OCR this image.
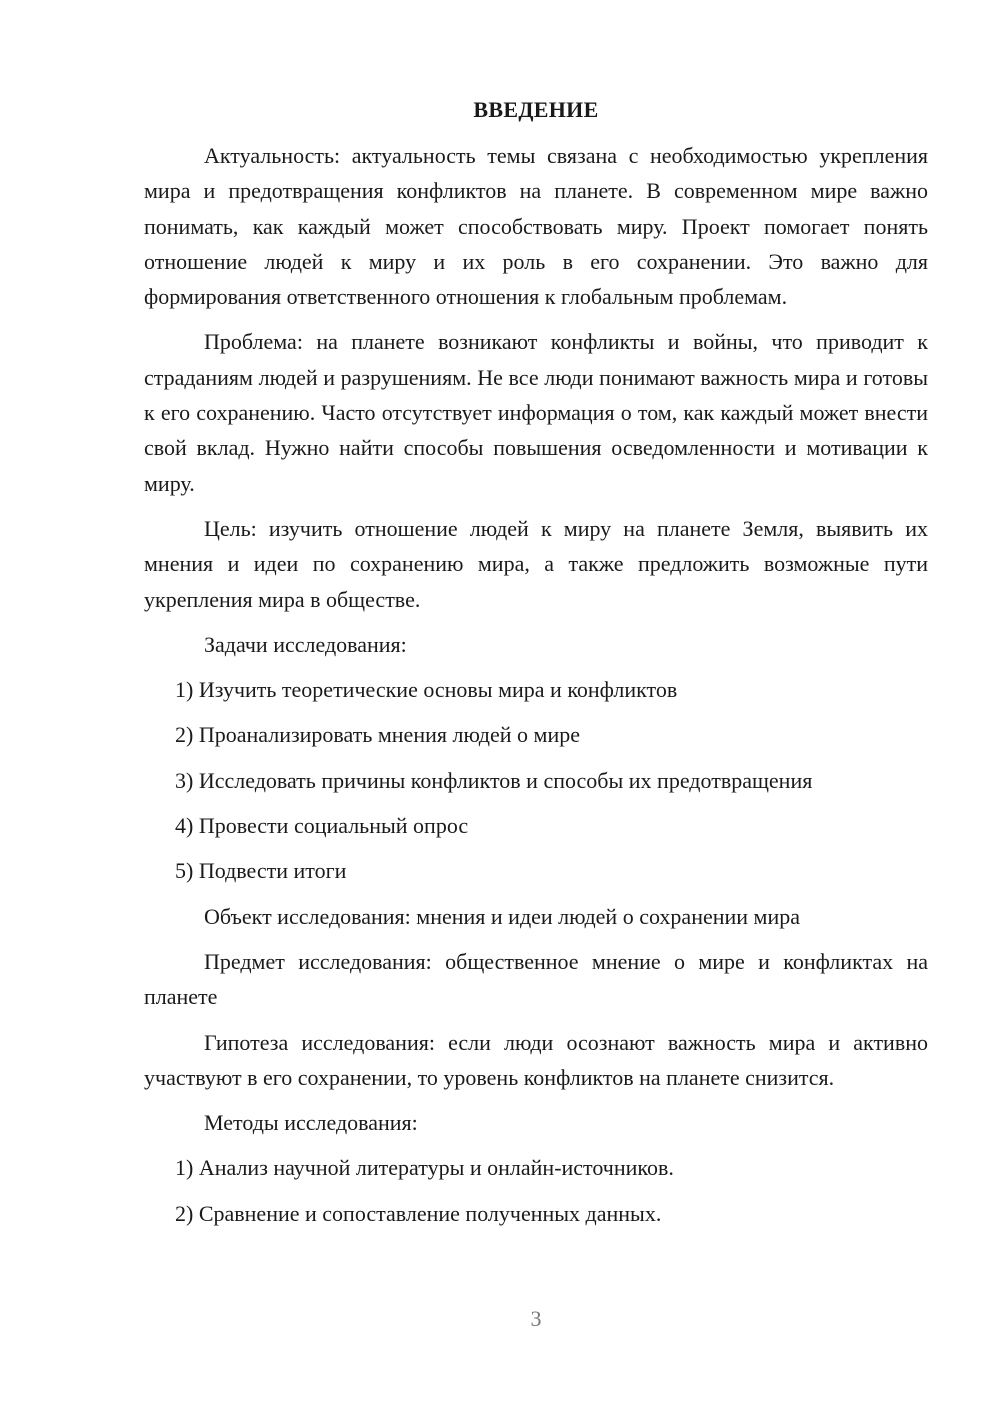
ВВЕДЕНИЕ

Актуальность: актуальность темы связана с необходимостью укрепления мира и предотвращения конфликтов на планете. В современном мире важно понимать, как каждый может способствовать миру. Проект помогает понять отношение людей к миру и их роль в его сохранении. Это важно для формирования ответственного отношения к глобальным проблемам.

Проблема: на планете возникают конфликты и войны, что приводит к страданиям людей и разрушениям. Не все люди понимают важность мира и готовы к его сохранению. Часто отсутствует информация о том, как каждый может внести свой вклад. Нужно найти способы повышения осведомленности и мотивации к миру.

Цель: изучить отношение людей к миру на планете Земля, выявить их мнения и идеи по сохранению мира, а также предложить возможные пути укрепления мира в обществе.

Задачи исследования:

1) Изучить теоретические основы мира и конфликтов
2) Проанализировать мнения людей о мире
3) Исследовать причины конфликтов и способы их предотвращения
4) Провести социальный опрос
5) Подвести итоги

Объект исследования: мнения и идеи людей о сохранении мира

Предмет исследования: общественное мнение о мире и конфликтах на планете

Гипотеза исследования: если люди осознают важность мира и активно участвуют в его сохранении, то уровень конфликтов на планете снизится.

Методы исследования:

1) Анализ научной литературы и онлайн-источников.
2) Сравнение и сопоставление полученных данных.
3
